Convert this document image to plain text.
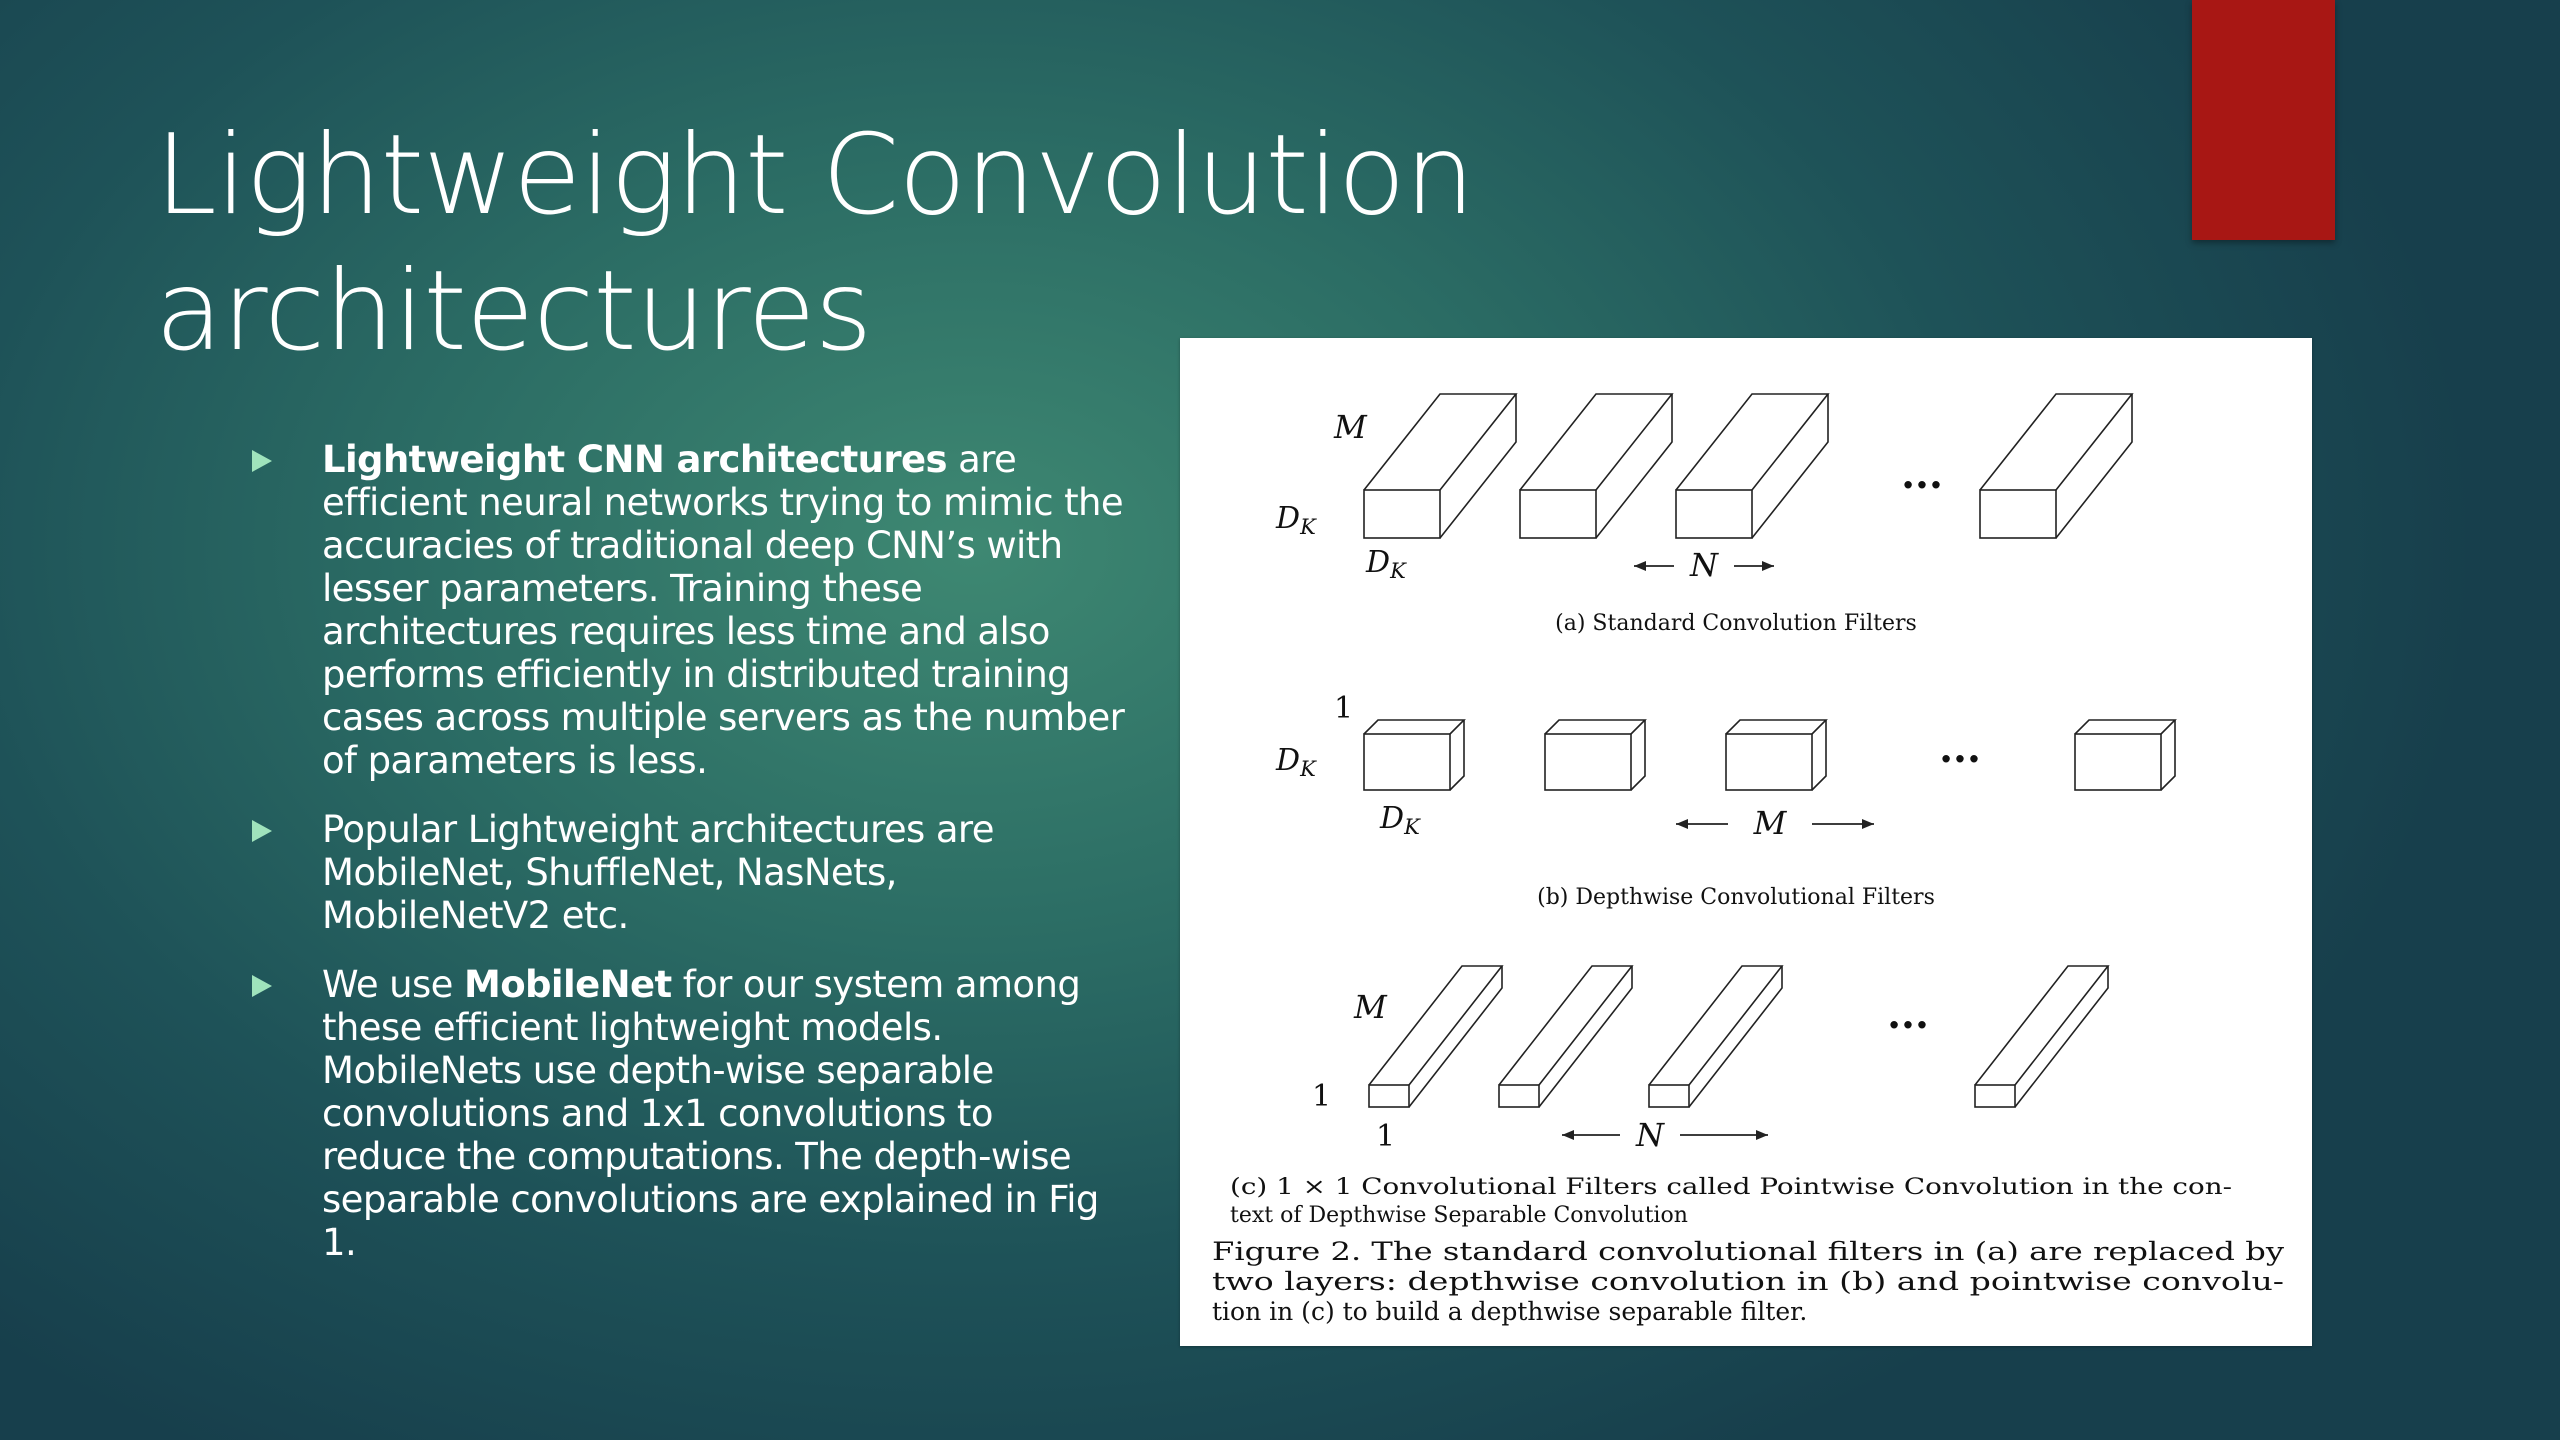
Lightweight Convolution architectures
Lightweight CNN architectures are efficient neural networks trying to mimic the accuracies of traditional deep CNN’s with lesser parameters. Training these architectures requires less time and also performs efficiently in distributed training cases across multiple servers as the number of parameters is less.
Popular Lightweight architectures are MobileNet, ShuffleNet, NasNets, MobileNetV2 etc.
We use MobileNet for our system among these efficient lightweight models. MobileNets use depth-wise separable convolutions and 1x1 convolutions to reduce the computations. The depth-wise separable convolutions are explained in Fig 1.
M
$D_K$
$D_K$	N
...
(a) Standard Convolution Filters
1
$D_K$
$D_K$	M
...
(b) Depthwise Convolutional Filters
M
1
1	N
...
(c) 1 × 1 Convolutional Filters called Pointwise Convolution in the con-
text of Depthwise Separable Convolution
Figure 2. The standard convolutional filters in (a) are replaced by
two layers: depthwise convolution in (b) and pointwise convolu-
tion in (c) to build a depthwise separable filter.
